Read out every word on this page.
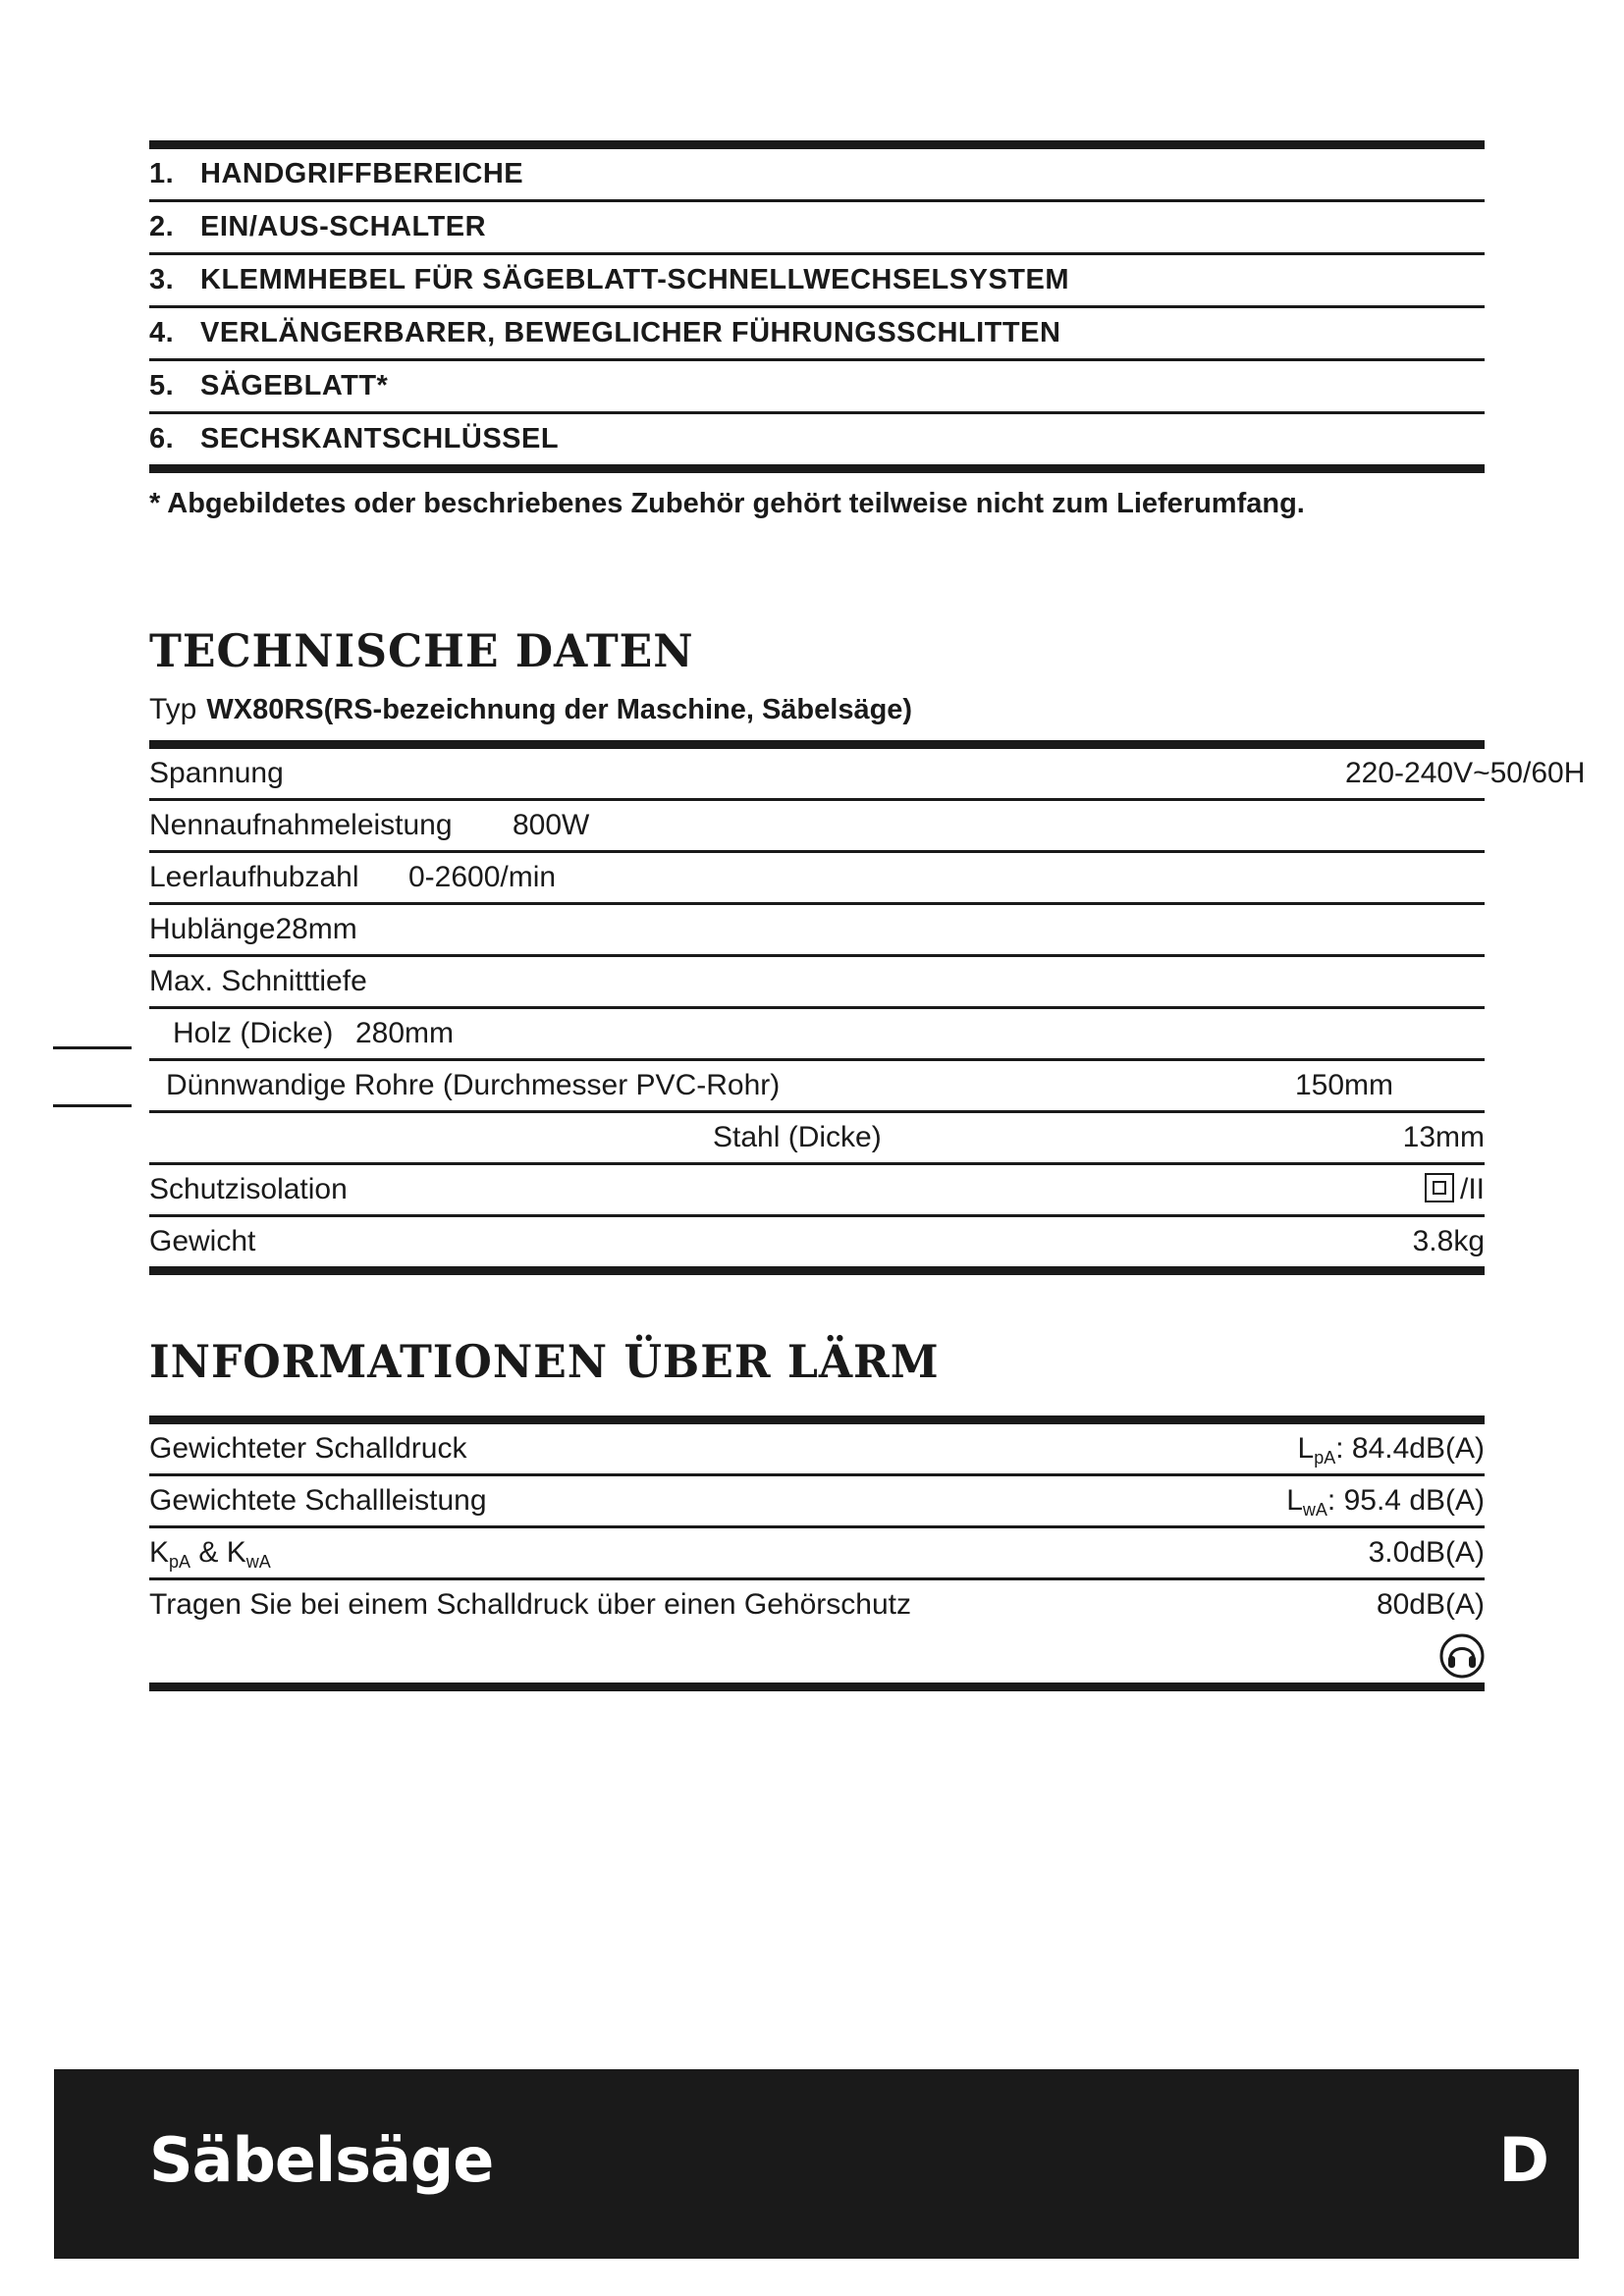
1. HANDGRIFFBEREICHE
2. EIN/AUS-SCHALTER
3. KLEMMHEBEL FÜR SÄGEBLATT-SCHNELLWECHSELSYSTEM
4. VERLÄNGERBARER, BEWEGLICHER FÜHRUNGSSCHLITTEN
5. SÄGEBLATT*
6. SECHSKANTSCHLÜSSEL
* Abgebildetes oder beschriebenes Zubehör gehört teilweise nicht zum Lieferumfang.
TECHNISCHE DATEN
Typ WX80RS(RS-bezeichnung der Maschine, Säbelsäge)
Spannung	220-240V~50/60H
Nennaufnahmeleistung 800W
Leerlaufhubzahl 0-2600/min
Hublänge28mm
Max. Schnitttiefe
Holz (Dicke) 280mm
Dünnwandige Rohre (Durchmesser PVC-Rohr)	150mm
Stahl (Dicke)	13mm
Schutzisolation	/II
Gewicht	3.8kg
INFORMATIONEN ÜBER LÄRM
Gewichteter Schalldruck	$L_{pA}$: 84.4dB(A)
Gewichtete Schallleistung	$L_{wA}$: 95.4 dB(A)
$K_{pA}$ & $K_{wA}$	3.0dB(A)
Tragen Sie bei einem Schalldruck über einen Gehörschutz	80dB(A)
Säbelsäge	D
